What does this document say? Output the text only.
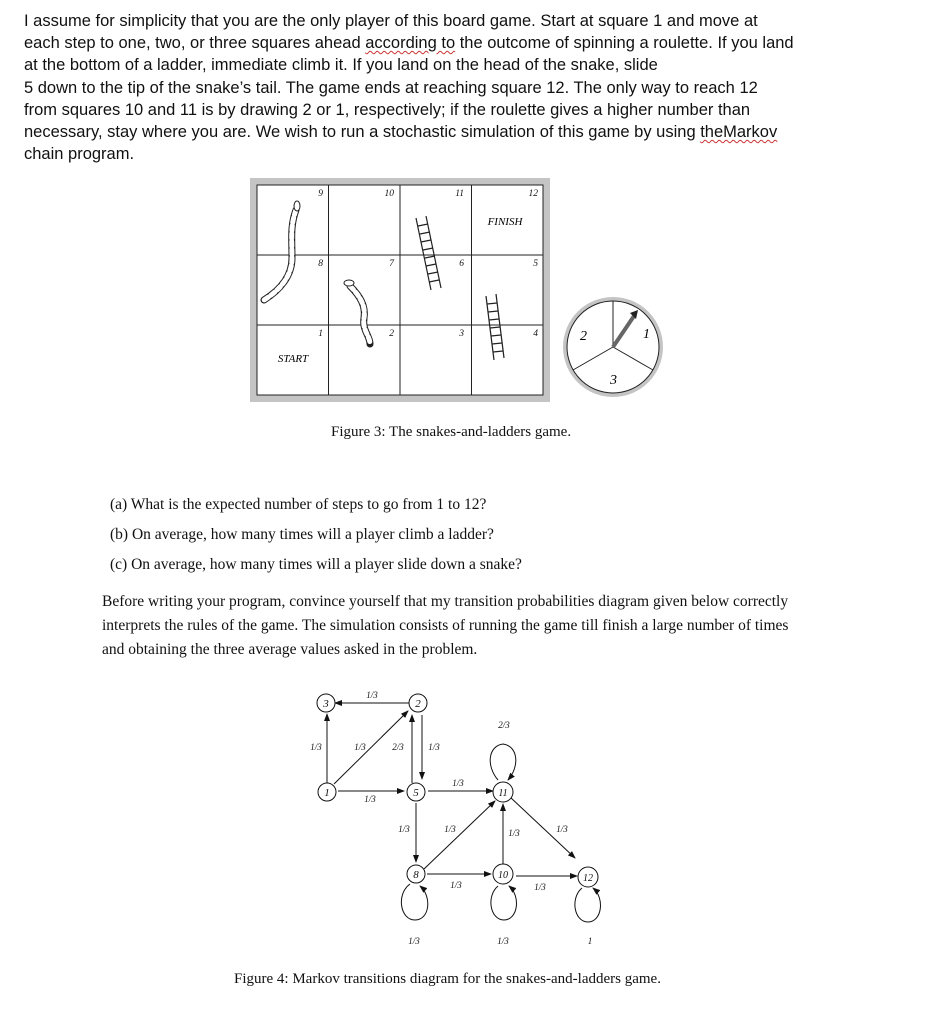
I assume for simplicity that you are the only player of this board game. Start at square 1 and move at
each step to one, two, or three squares ahead according to the outcome of spinning a roulette. If you land
at the bottom of a ladder, immediate climb it. If you land on the head of the snake, slide
5 down to the tip of the snake’s tail. The game ends at reaching square 12. The only way to reach 12
from squares 10 and 11 is by drawing 2 or 1, respectively; if the roulette gives a higher number than
necessary, stay where you are. We wish to run a stochastic simulation of this game by using theMarkov
chain program.
9	10	11	12
8	7	6	5
1	2	3	4
START
FINISH
2	1
3
Figure 3: The snakes-and-ladders game.
(a) What is the expected number of steps to go from 1 to 12?
(b) On average, how many times will a player climb a ladder?
(c) On average, how many times will a player slide down a snake?
Before writing your program, convince yourself that my transition probabilities diagram given below correctly
interprets the rules of the game. The simulation consists of running the game till finish a large number of times
and obtaining the three average values asked in the problem.
3	2
1	5	11
8	10	12
1/3
1/3	1/3	2/3	1/3
1/3
1/3
2/3
1/3	1/3	1/3	1/3
1/3	1/3
1/3	1/3	1
Figure 4: Markov transitions diagram for the snakes-and-ladders game.
